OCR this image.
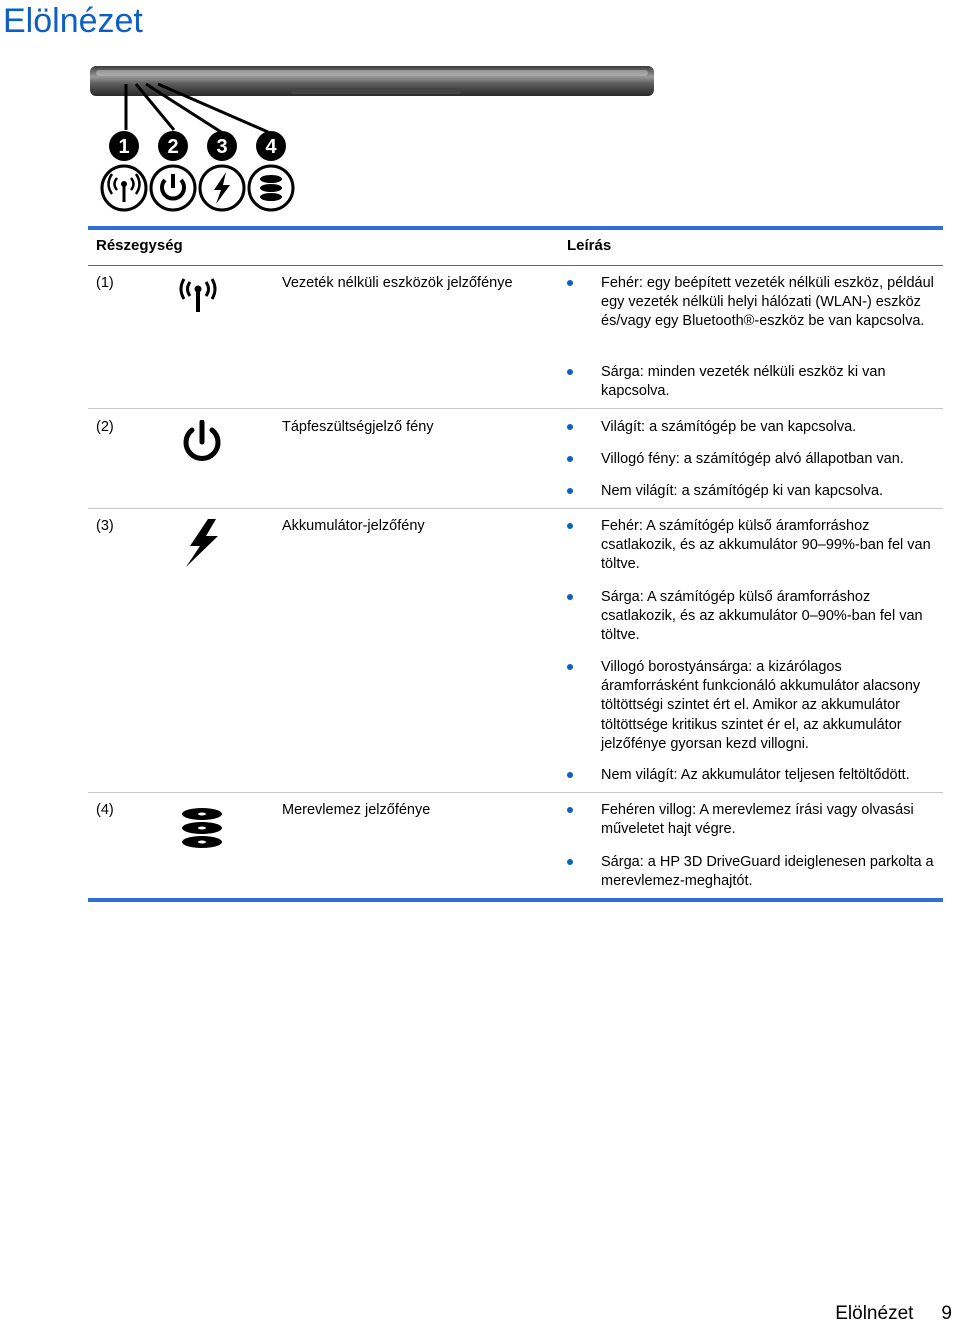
Elölnézet
1 2 3 4
Részegység	Leírás
(1)	Vezeték nélküli eszközök jelzőfénye	Fehér: egy beépített vezeték nélküli eszköz, például egy vezeték nélküli helyi hálózati (WLAN-) eszköz és/vagy egy Bluetooth®-eszköz be van kapcsolva.
Sárga: minden vezeték nélküli eszköz ki van kapcsolva.
(2)	Tápfeszültségjelző fény	Világít: a számítógép be van kapcsolva.
Villogó fény: a számítógép alvó állapotban van.
Nem világít: a számítógép ki van kapcsolva.
(3)	Akkumulátor-jelzőfény	Fehér: A számítógép külső áramforráshoz csatlakozik, és az akkumulátor 90–99%-ban fel van töltve.
Sárga: A számítógép külső áramforráshoz csatlakozik, és az akkumulátor 0–90%-ban fel van töltve.
Villogó borostyánsárga: a kizárólagos áramforrásként funkcionáló akkumulátor alacsony töltöttségi szintet ért el. Amikor az akkumulátor töltöttsége kritikus szintet ér el, az akkumulátor jelzőfénye gyorsan kezd villogni.
Nem világít: Az akkumulátor teljesen feltöltődött.
(4)	Merevlemez jelzőfénye	Fehéren villog: A merevlemez írási vagy olvasási műveletet hajt végre.
Sárga: a HP 3D DriveGuard ideiglenesen parkolta a merevlemez-meghajtót.
Elölnézet 9
